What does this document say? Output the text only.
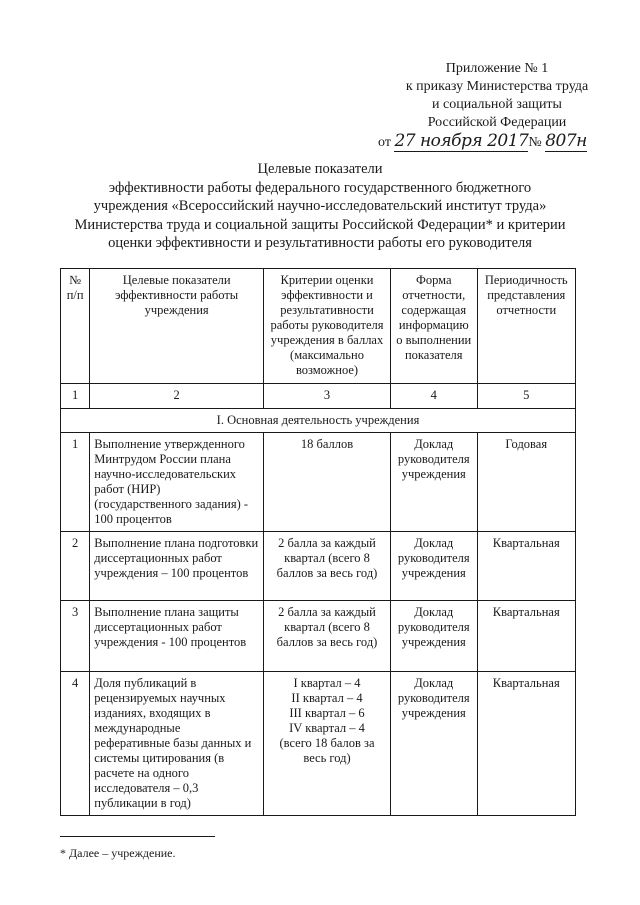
Приложение № 1
к приказу Министерства труда
и социальной защиты
Российской Федерации
от 27 ноября 2017№ 807н
Целевые показатели
эффективности работы федерального государственного бюджетного
учреждения «Всероссийский научно-исследовательский институт труда»
Министерства труда и социальной защиты Российской Федерации* и критерии
оценки эффективности и результативности работы его руководителя
№ п/п	Целевые показатели эффективности работы учреждения	Критерии оценки эффективности и результативности работы руководителя учреждения в баллах (максимально возможное)	Форма отчетности, содержащая информацию о выполнении показателя	Периодичность представления отчетности
1	2	3	4	5
I. Основная деятельность учреждения				
1	Выполнение утвержденного Минтрудом России плана научно-исследовательских работ (НИР) (государственного задания) - 100 процентов	18 баллов	Доклад руководителя учреждения	Годовая
2	Выполнение плана подготовки диссертационных работ учреждения – 100 процентов	2 балла за каждый квартал (всего 8 баллов за весь год)	Доклад руководителя учреждения	Квартальная
3	Выполнение плана защиты диссертационных работ учреждения - 100 процентов	2 балла за каждый квартал (всего 8 баллов за весь год)	Доклад руководителя учреждения	Квартальная
4	Доля публикаций в рецензируемых научных изданиях, входящих в международные реферативные базы данных и системы цитирования (в расчете на одного исследователя – 0,3 публикации в год)	I квартал – 4
II квартал – 4
III квартал – 6
IV квартал – 4
(всего 18 балов за весь год)	Доклад руководителя учреждения	Квартальная
* Далее – учреждение.
